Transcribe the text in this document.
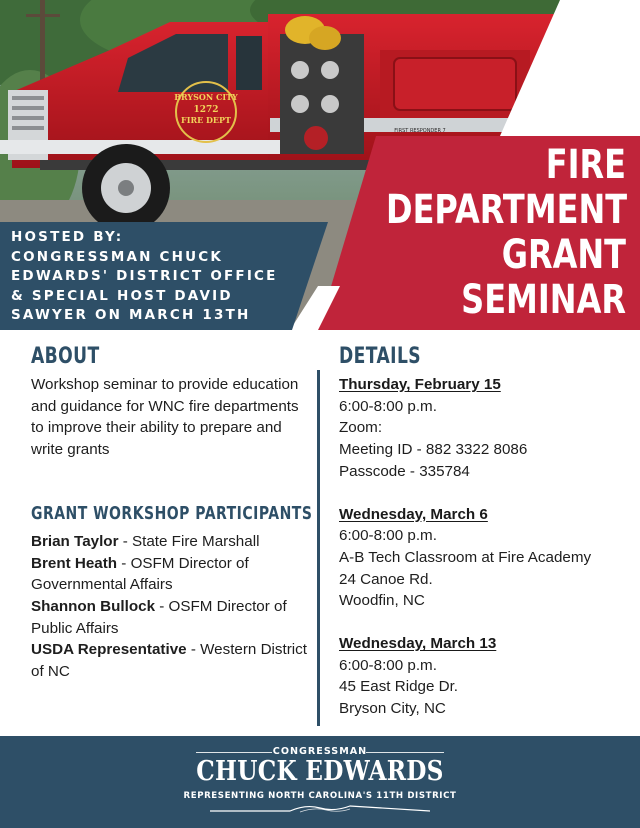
BRYSON CITY
1272
FIRE DEPT
FIRST RESPONDER 7
FIRE
DEPARTMENT
GRANT
SEMINAR
HOSTED BY:
CONGRESSMAN CHUCK
EDWARDS' DISTRICT OFFICE
& SPECIAL HOST DAVID
SAWYER ON MARCH 13TH
ABOUT

Workshop seminar to provide education and guidance for WNC fire departments to improve their ability to prepare and write grants

GRANT WORKSHOP PARTICIPANTS

Brian Taylor - State Fire Marshall

Brent Heath - OSFM Director of Governmental Affairs

Shannon Bullock - OSFM Director of Public Affairs

USDA Representative - Western District of NC

DETAILS
Thursday, February 15
6:00-8:00 p.m.
Zoom:
Meeting ID - 882 3322 8086
Passcode - 335784
Wednesday, March 6
6:00-8:00 p.m.
A-B Tech Classroom at Fire Academy
24 Canoe Rd.
Woodfin, NC
Wednesday, March 13
6:00-8:00 p.m.
45 East Ridge Dr.
Bryson City, NC
CONGRESSMAN
CHUCK EDWARDS
REPRESENTING NORTH CAROLINA'S 11TH DISTRICT
